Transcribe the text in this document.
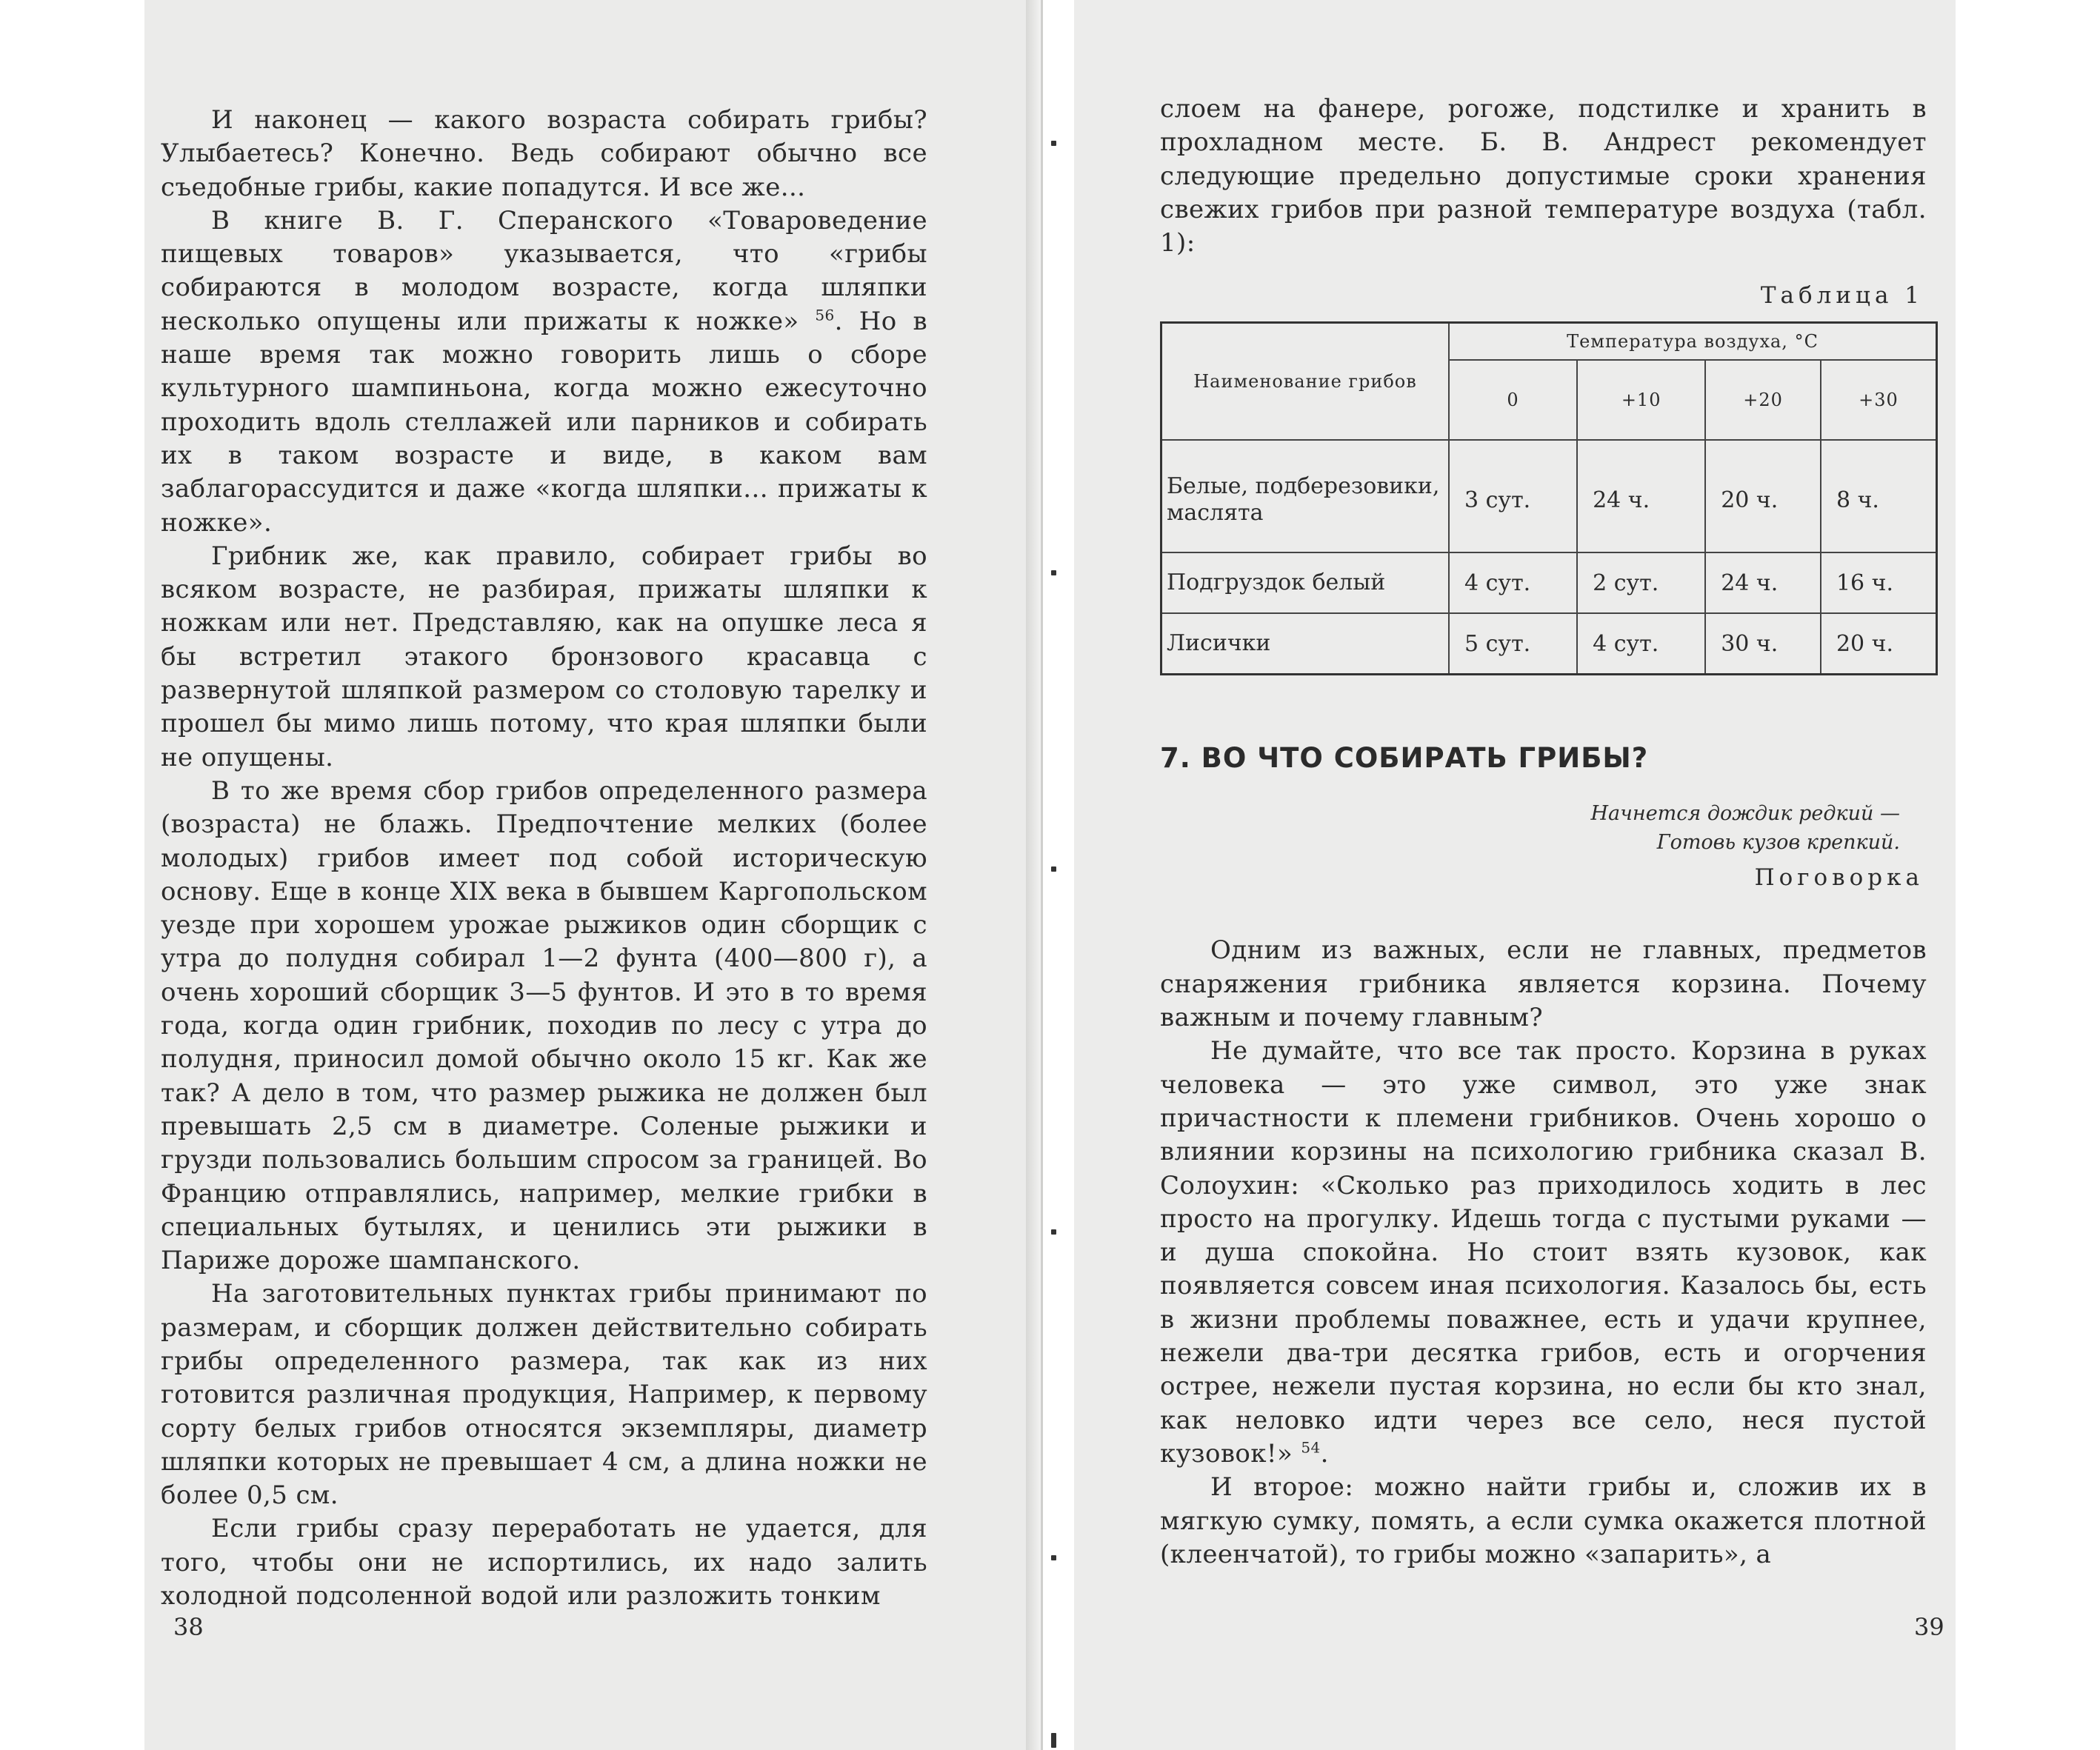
И наконец — какого возраста собирать грибы? Улыбаетесь? Конечно. Ведь собирают обычно все съедобные грибы, какие попадутся. И все же...

В книге В. Г. Сперанского «Товароведение пищевых товаров» указывается, что «грибы собираются в молодом возрасте, когда шляпки несколько опущены или прижаты к ножке» $^{56}$. Но в наше время так можно говорить лишь о сборе культурного шампиньона, когда можно ежесуточно проходить вдоль стеллажей или парников и собирать их в таком возрасте и виде, в каком вам заблагорассудится и даже «когда шляпки... прижаты к ножке».

Грибник же, как правило, собирает грибы во всяком возрасте, не разбирая, прижаты шляпки к ножкам или нет. Представляю, как на опушке леса я бы встретил этакого бронзового красавца с развернутой шляпкой размером со столовую тарелку и прошел бы мимо лишь потому, что края шляпки были не опущены.

В то же время сбор грибов определенного размера (возраста) не блажь. Предпочтение мелких (более молодых) грибов имеет под собой историческую основу. Еще в конце XIX века в бывшем Каргопольском уезде при хорошем урожае рыжиков один сборщик с утра до полудня собирал 1—2 фунта (400—800 г), а очень хороший сборщик 3—5 фунтов. И это в то время года, когда один грибник, походив по лесу с утра до полудня, приносил домой обычно около 15 кг. Как же так? А дело в том, что размер рыжика не должен был превышать 2,5 см в диаметре. Соленые рыжики и грузди пользовались большим спросом за границей. Во Францию отправлялись, например, мелкие грибки в специальных бутылях, и ценились эти рыжики в Париже дороже шампанского.

На заготовительных пунктах грибы принимают по размерам, и сборщик должен действительно собирать грибы определенного размера, так как из них готовится различная продукция, Например, к первому сорту белых грибов относятся экземпляры, диаметр шляпки которых не превышает 4 см, а длина ножки не более 0,5 см.

Если грибы сразу переработать не удается, для того, чтобы они не испортились, их надо залить холодной подсоленной водой или разложить тонким

38

слоем на фанере, рогоже, подстилке и хранить в прохладном месте. Б. В. Андрест рекомендует следующие предельно допустимые сроки хранения свежих грибов при разной температуре воздуха (табл. 1):

Таблица 1

Наименование грибов	Температура воздуха, °С			
	0	+10	+20	+30
Белые, подберезовики, маслята	3 сут.	24 ч.	20 ч.	8 ч.
Подгруздок белый	4 сут.	2 сут.	24 ч.	16 ч.
Лисички	5 сут.	4 сут.	30 ч.	20 ч.
7. ВО ЧТО СОБИРАТЬ ГРИБЫ?
Начнется дождик редкий —
Готовь кузов крепкий.

Поговорка

Одним из важных, если не главных, предметов снаряжения грибника является корзина. Почему важным и почему главным?

Не думайте, что все так просто. Корзина в руках человека — это уже символ, это уже знак причастности к племени грибников. Очень хорошо о влиянии корзины на психологию грибника сказал В. Солоухин: «Сколько раз приходилось ходить в лес просто на прогулку. Идешь тогда с пустыми руками — и душа спокойна. Но стоит взять кузовок, как появляется совсем иная психология. Казалось бы, есть в жизни проблемы поважнее, есть и удачи крупнее, нежели два-три десятка грибов, есть и огорчения острее, нежели пустая корзина, но если бы кто знал, как неловко идти через все село, неся пустой кузовок!» $^{54}$.

И второе: можно найти грибы и, сложив их в мягкую сумку, помять, а если сумка окажется плотной (клеенчатой), то грибы можно «запарить», а

39
